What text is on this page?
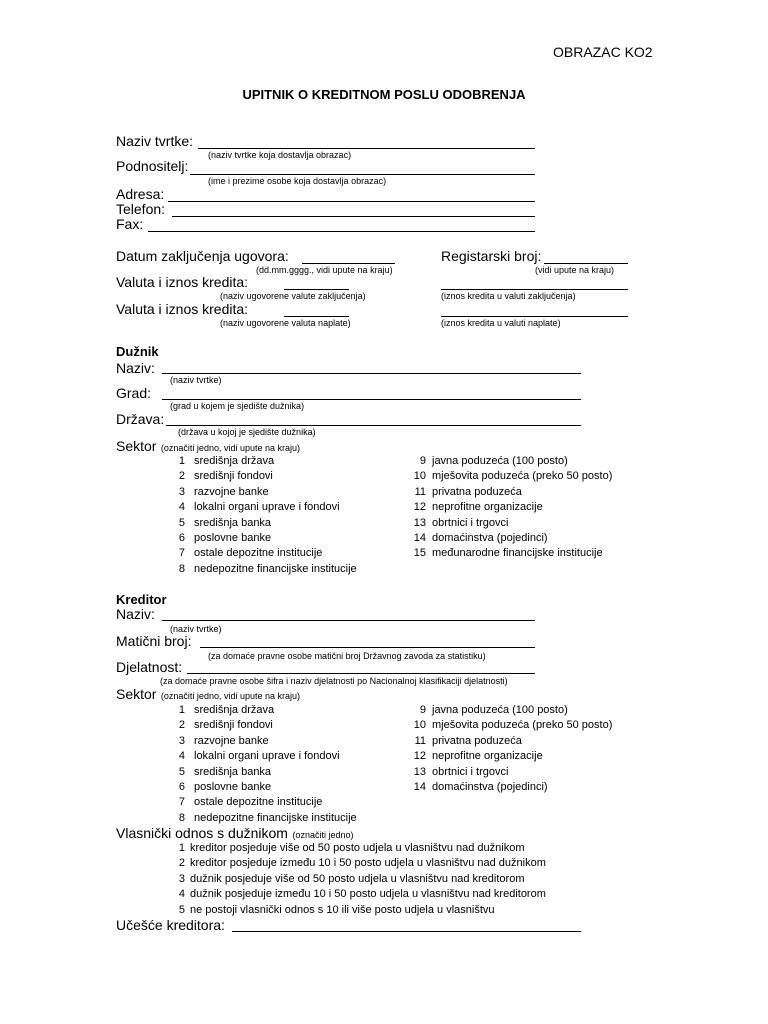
OBRAZAC KO2
UPITNIK O KREDITNOM POSLU ODOBRENJA
Naziv tvrtke:
(naziv tvrtke koja dostavlja obrazac)
Podnositelj:
(ime i prezime osobe koja dostavlja obrazac)
Adresa:
Telefon:
Fax:
Datum zaključenja ugovora:
(dd.mm.gggg., vidi upute na kraju)
Registarski broj:
(vidi upute na kraju)
Valuta i iznos kredita:
(naziv ugovorene valute zaključenja)	(iznos kredita u valuti zaključenja)
Valuta i iznos kredita:
(naziv ugovorene valuta naplate)	(iznos kredita u valuti naplate)
Dužnik
Naziv:
(naziv tvrtke)
Grad:
(grad u kojem je sjedište dužnika)
Država:
(država u kojoj je sjedište dužnika)
Sektor (označiti jedno, vidi upute na kraju)
1 središnja država
2 središnji fondovi
3 razvojne banke
4 lokalni organi uprave i fondovi
5 središnja banka
6 poslovne banke
7 ostale depozitne institucije
8 nedepozitne financijske institucije
9 javna poduzeća (100 posto)
10 mješovita poduzeća (preko 50 posto)
11 privatna poduzeća
12 neprofitne organizacije
13 obrtnici i trgovci
14 domaćinstva (pojedinci)
15 međunarodne financijske institucije
Kreditor
Naziv:
(naziv tvrtke)
Matični broj:
(za domaće pravne osobe matični broj Državnog zavoda za statistiku)
Djelatnost:
(za domaće pravne osobe šifra i naziv djelatnosti po Nacionalnoj klasifikaciji djelatnosti)
Sektor (označiti jedno, vidi upute na kraju)
1 središnja država
2 središnji fondovi
3 razvojne banke
4 lokalni organi uprave i fondovi
5 središnja banka
6 poslovne banke
7 ostale depozitne institucije
8 nedepozitne financijske institucije
9 javna poduzeća (100 posto)
10 mješovita poduzeća (preko 50 posto)
11 privatna poduzeća
12 neprofitne organizacije
13 obrtnici i trgovci
14 domaćinstva (pojedinci)
Vlasnički odnos s dužnikom (označiti jedno)
1 kreditor posjeduje više od 50 posto udjela u vlasništvu nad dužnikom
2 kreditor posjeduje između 10 i 50 posto udjela u vlasništvu nad dužnikom
3 dužnik posjeduje više od 50 posto udjela u vlasništvu nad kreditorom
4 dužnik posjeduje između 10 i 50 posto udjela u vlasništvu nad kreditorom
5 ne postoji vlasnički odnos s 10 ili više posto udjela u vlasništvu
Učešće kreditora:
